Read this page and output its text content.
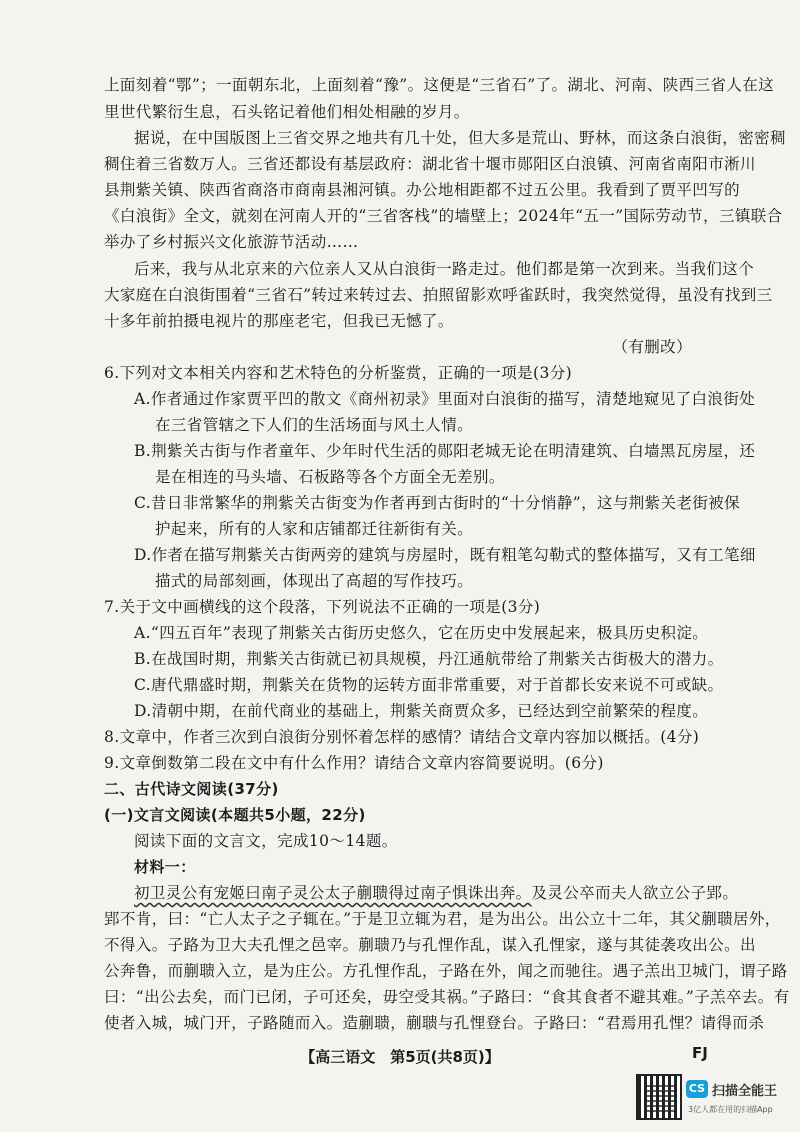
上面刻着“鄂”；一面朝东北，上面刻着“豫”。这便是“三省石”了。湖北、河南、陕西三省人在这
里世代繁衍生息，石头铭记着他们相处相融的岁月。
据说，在中国版图上三省交界之地共有几十处，但大多是荒山、野林，而这条白浪街，密密稠
稠住着三省数万人。三省还都设有基层政府：湖北省十堰市郧阳区白浪镇、河南省南阳市淅川
县荆紫关镇、陕西省商洛市商南县湘河镇。办公地相距都不过五公里。我看到了贾平凹写的
《白浪街》全文，就刻在河南人开的“三省客栈”的墙壁上；2024年“五一”国际劳动节，三镇联合
举办了乡村振兴文化旅游节活动……
后来，我与从北京来的六位亲人又从白浪街一路走过。他们都是第一次到来。当我们这个
大家庭在白浪街围着“三省石”转过来转过去、拍照留影欢呼雀跃时，我突然觉得，虽没有找到三
十多年前拍摄电视片的那座老宅，但我已无憾了。
（有删改）
6.下列对文本相关内容和艺术特色的分析鉴赏，正确的一项是(3分)
A.作者通过作家贾平凹的散文《商州初录》里面对白浪街的描写，清楚地窥见了白浪街处
在三省管辖之下人们的生活场面与风土人情。
B.荆紫关古街与作者童年、少年时代生活的郧阳老城无论在明清建筑、白墙黑瓦房屋，还
是在相连的马头墙、石板路等各个方面全无差别。
C.昔日非常繁华的荆紫关古街变为作者再到古街时的“十分悄静”，这与荆紫关老街被保
护起来，所有的人家和店铺都迁往新街有关。
D.作者在描写荆紫关古街两旁的建筑与房屋时，既有粗笔勾勒式的整体描写，又有工笔细
描式的局部刻画，体现出了高超的写作技巧。
7.关于文中画横线的这个段落，下列说法不正确的一项是(3分)
A.“四五百年”表现了荆紫关古街历史悠久，它在历史中发展起来，极具历史积淀。
B.在战国时期，荆紫关古街就已初具规模，丹江通航带给了荆紫关古街极大的潜力。
C.唐代鼎盛时期，荆紫关在货物的运转方面非常重要，对于首都长安来说不可或缺。
D.清朝中期，在前代商业的基础上，荆紫关商贾众多，已经达到空前繁荣的程度。
8.文章中，作者三次到白浪街分别怀着怎样的感情？请结合文章内容加以概括。(4分)
9.文章倒数第二段在文中有什么作用？请结合文章内容简要说明。(6分)
二、古代诗文阅读(37分)
(一)文言文阅读(本题共5小题，22分)
阅读下面的文言文，完成10～14题。
材料一：
初卫灵公有宠姬曰南子灵公太子蒯聩得过南子惧诛出奔。及灵公卒而夫人欲立公子郢。
郢不肯，曰：“亡人太子之子辄在。”于是卫立辄为君，是为出公。出公立十二年，其父蒯聩居外，
不得入。子路为卫大夫孔悝之邑宰。蒯聩乃与孔悝作乱，谋入孔悝家，遂与其徒袭攻出公。出
公奔鲁，而蒯聩入立，是为庄公。方孔悝作乱，子路在外，闻之而驰往。遇子羔出卫城门，谓子路
曰：“出公去矣，而门已闭，子可还矣，毋空受其祸。”子路曰：“食其食者不避其难。”子羔卒去。有
【高三语文　第5页(共8页)】	FJ
CS 扫描全能王
3亿人都在用的扫描App
使者入城，城门开，子路随而入。造蒯聩，蒯聩与孔悝登台。子路曰：“君焉用孔悝？请得而杀
